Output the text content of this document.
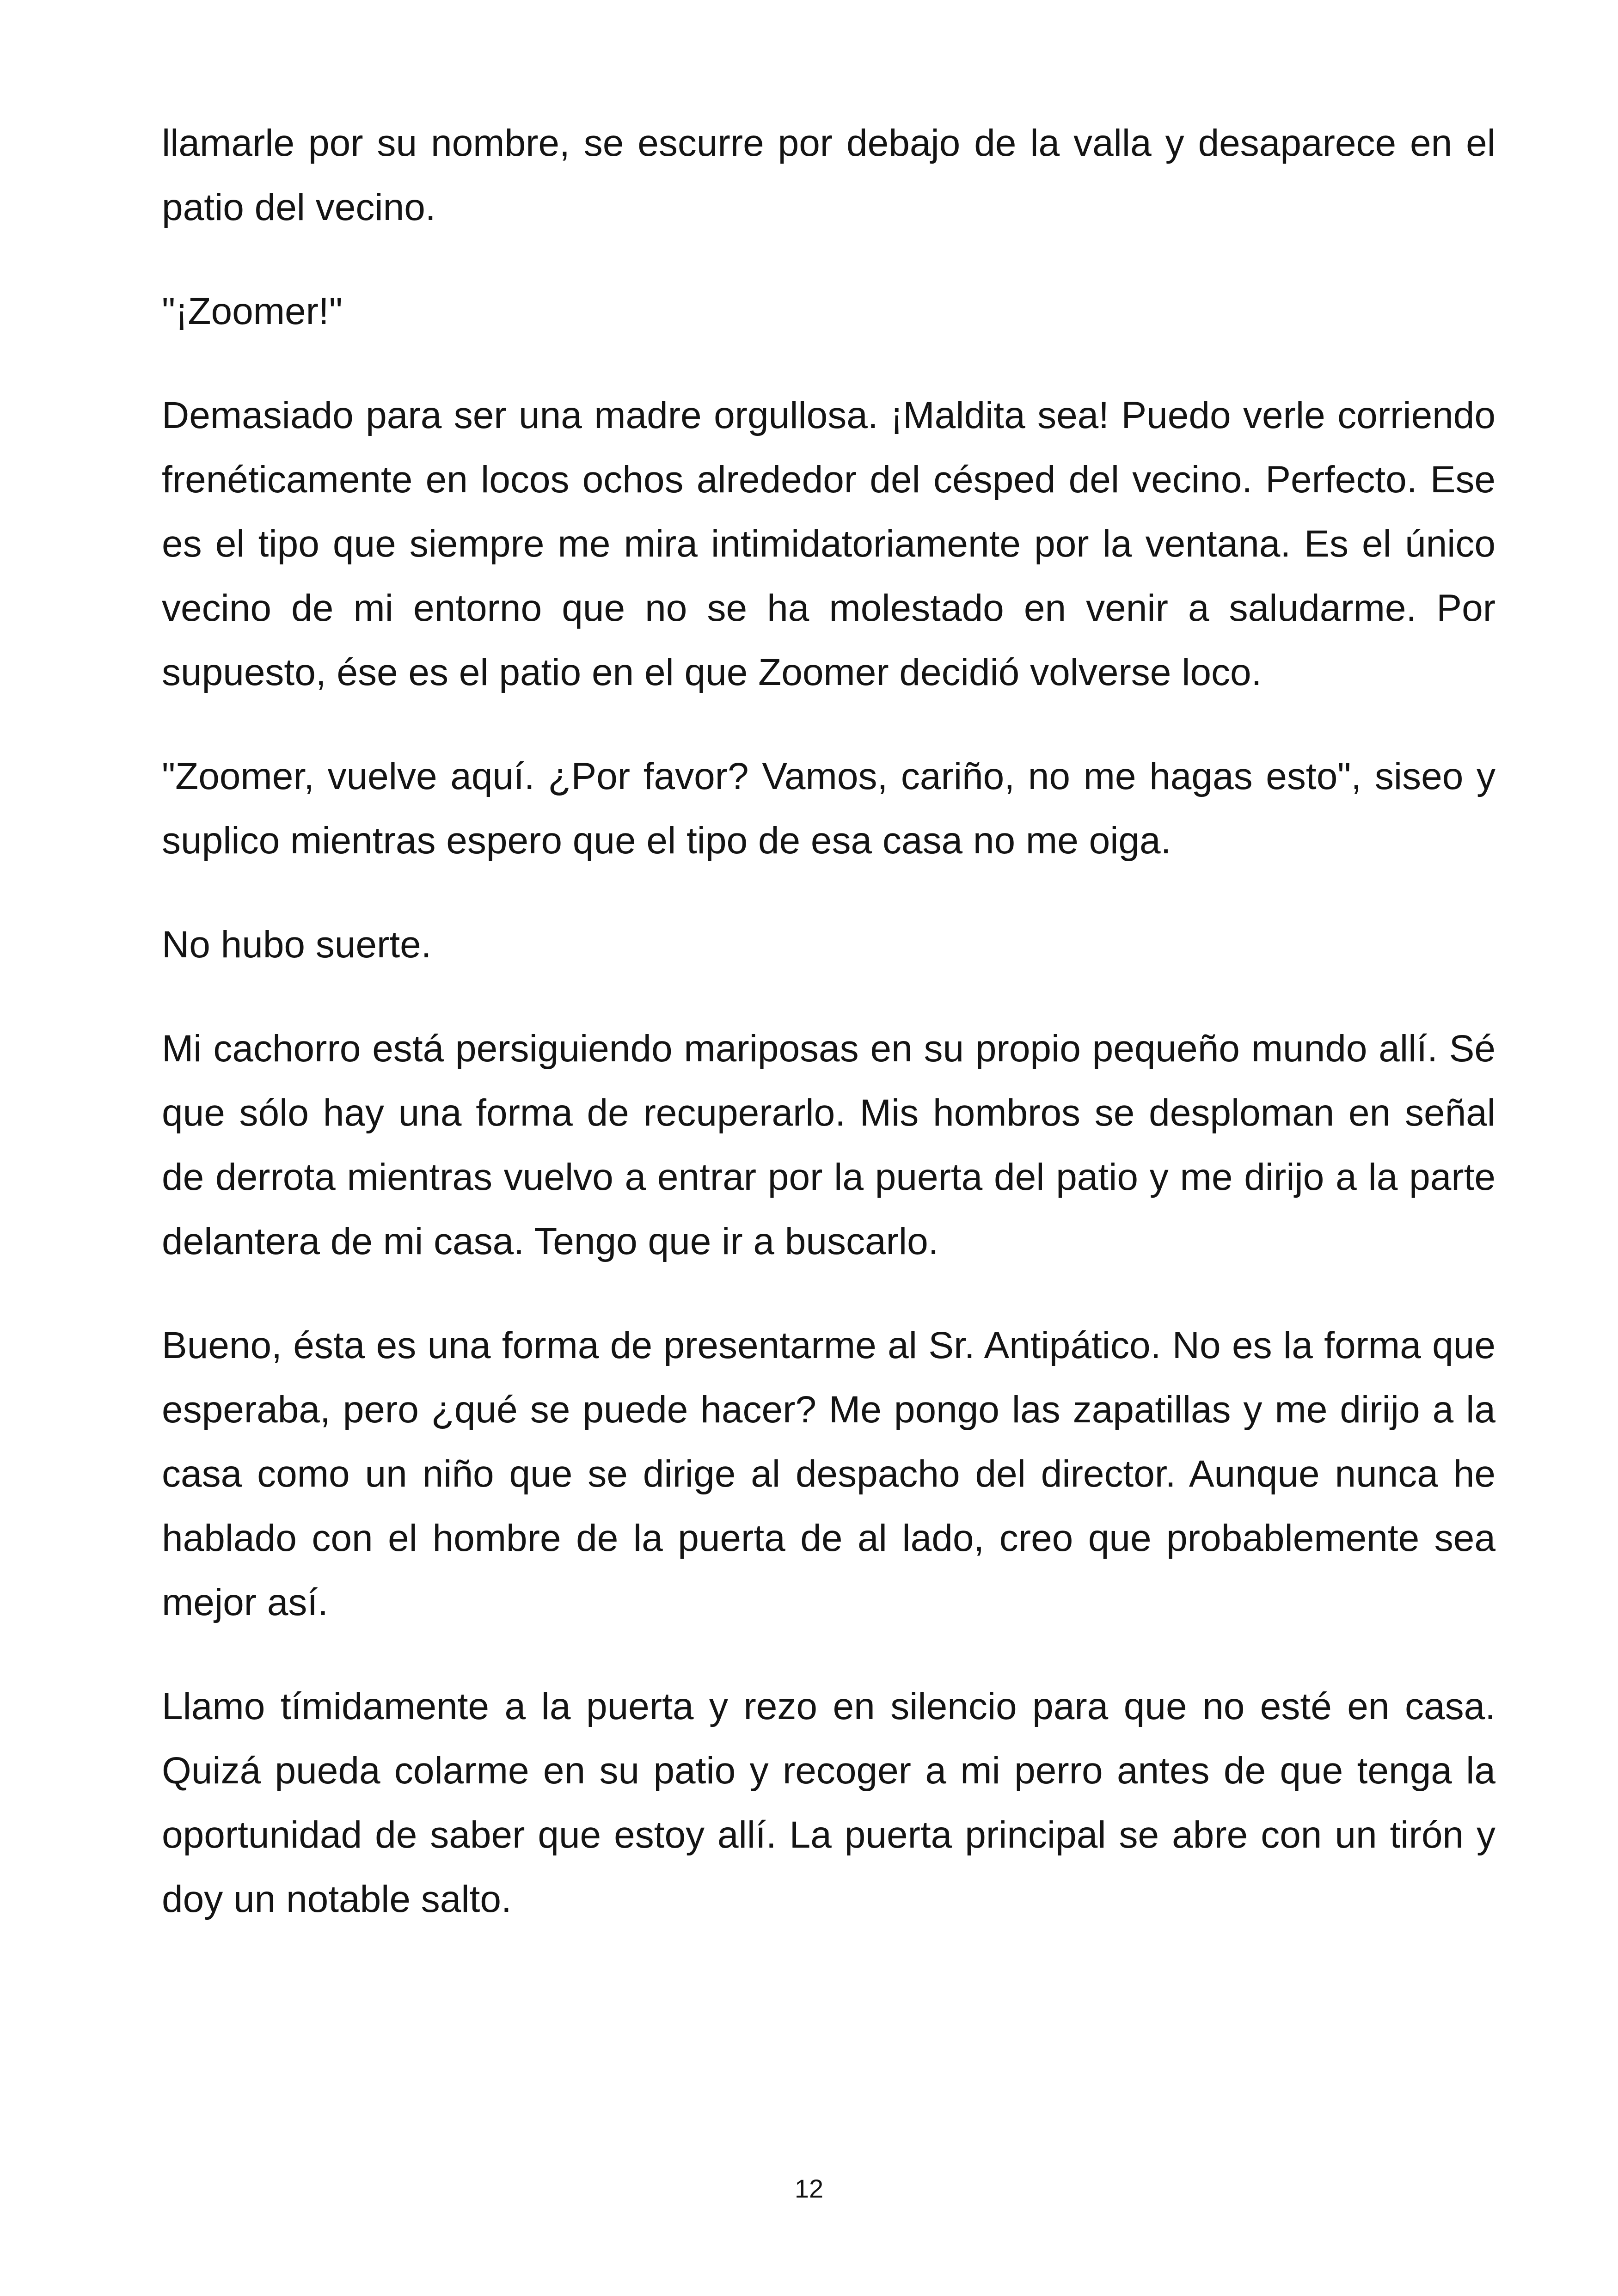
llamarle por su nombre, se escurre por debajo de la valla y desaparece en el patio del vecino.

"¡Zoomer!"

Demasiado para ser una madre orgullosa. ¡Maldita sea! Puedo verle corriendo frenéticamente en locos ochos alrededor del césped del vecino. Perfecto. Ese es el tipo que siempre me mira intimidatoriamente por la ventana. Es el único vecino de mi entorno que no se ha molestado en venir a saludarme. Por supuesto, ése es el patio en el que Zoomer decidió volverse loco.

"Zoomer, vuelve aquí. ¿Por favor? Vamos, cariño, no me hagas esto", siseo y suplico mientras espero que el tipo de esa casa no me oiga.

No hubo suerte.

Mi cachorro está persiguiendo mariposas en su propio pequeño mundo allí. Sé que sólo hay una forma de recuperarlo. Mis hombros se desploman en señal de derrota mientras vuelvo a entrar por la puerta del patio y me dirijo a la parte delantera de mi casa. Tengo que ir a buscarlo.

Bueno, ésta es una forma de presentarme al Sr. Antipático. No es la forma que esperaba, pero ¿qué se puede hacer? Me pongo las zapatillas y me dirijo a la casa como un niño que se dirige al despacho del director. Aunque nunca he hablado con el hombre de la puerta de al lado, creo que probablemente sea mejor así.

Llamo tímidamente a la puerta y rezo en silencio para que no esté en casa. Quizá pueda colarme en su patio y recoger a mi perro antes de que tenga la oportunidad de saber que estoy allí. La puerta principal se abre con un tirón y doy un notable salto.

12
